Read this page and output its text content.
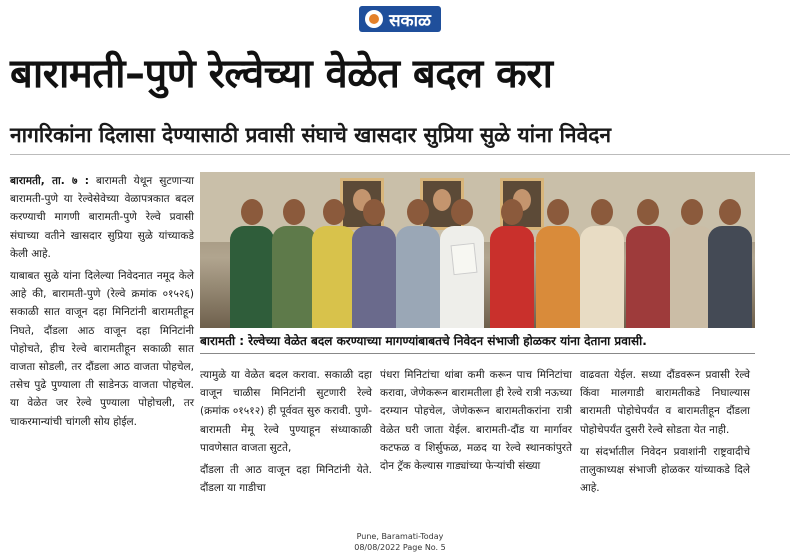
सकाळ
बारामती–पुणे रेल्वेच्या वेळेत बदल करा
नागरिकांना दिलासा देण्यासाठी प्रवासी संघाचे खासदार सुप्रिया सुळे यांना निवेदन

बारामती, ता. ७ : बारामती येथून सुटणाऱ्या बारामती-पुणे या रेल्वेसेवेच्या वेळापत्रकात बदल करण्याची मागणी बारामती-पुणे रेल्वे प्रवासी संघाच्या वतीने खासदार सुप्रिया सुळे यांच्याकडे केली आहे.

याबाबत सुळे यांना दिलेल्या निवेदनात नमूद केले आहे की, बारामती-पुणे (रेल्वे क्रमांक ०१५२६) सकाळी सात वाजून दहा मिनिटांनी बारामतीहून निघते, दौंडला आठ वाजून दहा मिनिटांनी पोहोचते, हीच रेल्वे बारामतीहून सकाळी सात वाजता सोडली, तर दौंडला आठ वाजता पोहचेल, तसेच पुढे पुण्याला ती साडेनऊ वाजता पोहचेल. या वेळेत जर रेल्वे पुण्याला पोहोचली, तर चाकरमान्यांची चांगली सोय होईल.

बारामती : रेल्वेच्या वेळेत बदल करण्याच्या मागण्यांबाबतचे निवेदन संभाजी होळकर यांना देताना प्रवासी.

त्यामुळे या वेळेत बदल करावा. सकाळी दहा वाजून चाळीस मिनिटांनी सुटणारी रेल्वे (क्रमांक ०१५१२) ही पूर्ववत सुरु करावी. पुणे-बारामती मेमू रेल्वे पुण्याहून संध्याकाळी पावणेसात वाजता सुटते,

दौंडला ती आठ वाजून दहा मिनिटांनी येते. दौंडला या गाडीचा

पंधरा मिनिटांचा थांबा कमी करून पाच मिनिटांचा करावा, जेणेकरून बारामतीला ही रेल्वे रात्री नऊच्या दरम्यान पोहचेल, जेणेकरून बारामतीकरांना रात्री वेळेत घरी जाता येईल. बारामती-दौंड या मार्गावर कटफळ व शिर्सुफळ, मळद या रेल्वे स्थानकांपुरते दोन ट्रॅक केल्यास गाड्यांच्या फेऱ्यांची संख्या

वाढवता येईल. सध्या दौंडवरून प्रवासी रेल्वे किंवा मालगाडी बारामतीकडे निघाल्यास बारामती पोहोचेपर्यंत व बारामतीहून दौंडला पोहोचेपर्यंत दुसरी रेल्वे सोडता येत नाही.

या संदर्भातील निवेदन प्रवाशांनी राष्ट्रवादीचे तालुकाध्यक्ष संभाजी होळकर यांच्याकडे दिले आहे.

Pune, Baramati-Today
08/08/2022 Page No. 5
